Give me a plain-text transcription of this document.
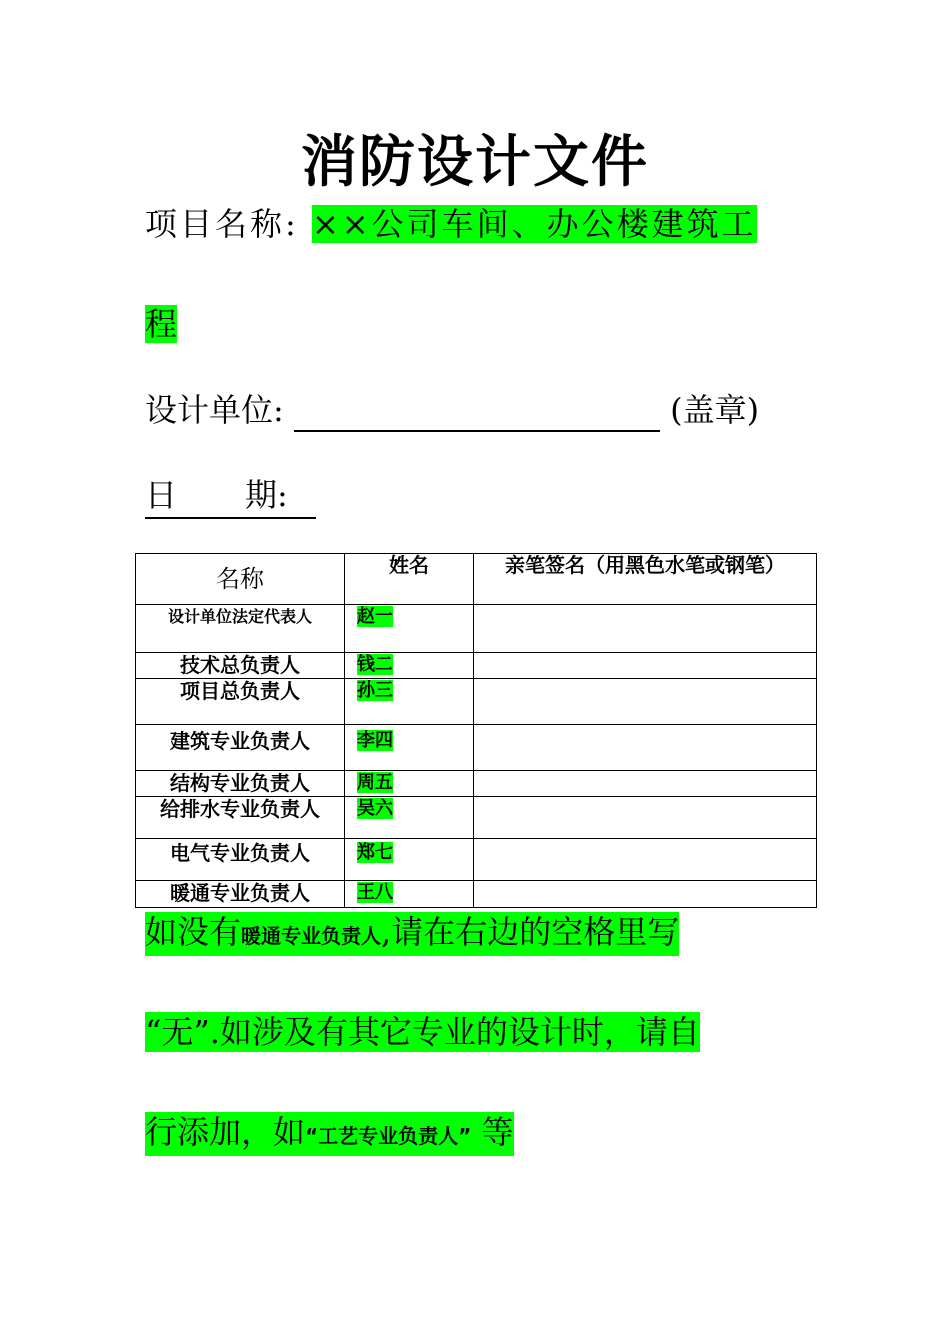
消防设计文件
项目名称: ××公司车间、办公楼建筑工
程
设计单位:	(盖章)
日 期:
名称	姓名	亲笔签名（用黑色水笔或钢笔）
设计单位法定代表人	赵一	
技术总负责人	钱二	
项目总负责人	孙三	
建筑专业负责人	李四	
结构专业负责人	周五	
给排水专业负责人	吴六	
电气专业负责人	郑七	
暖通专业负责人	王八	
如没有暖通专业负责人,请在右边的空格里写
“无”.如涉及有其它专业的设计时，请自
行添加，如“工艺专业负责人” 等
